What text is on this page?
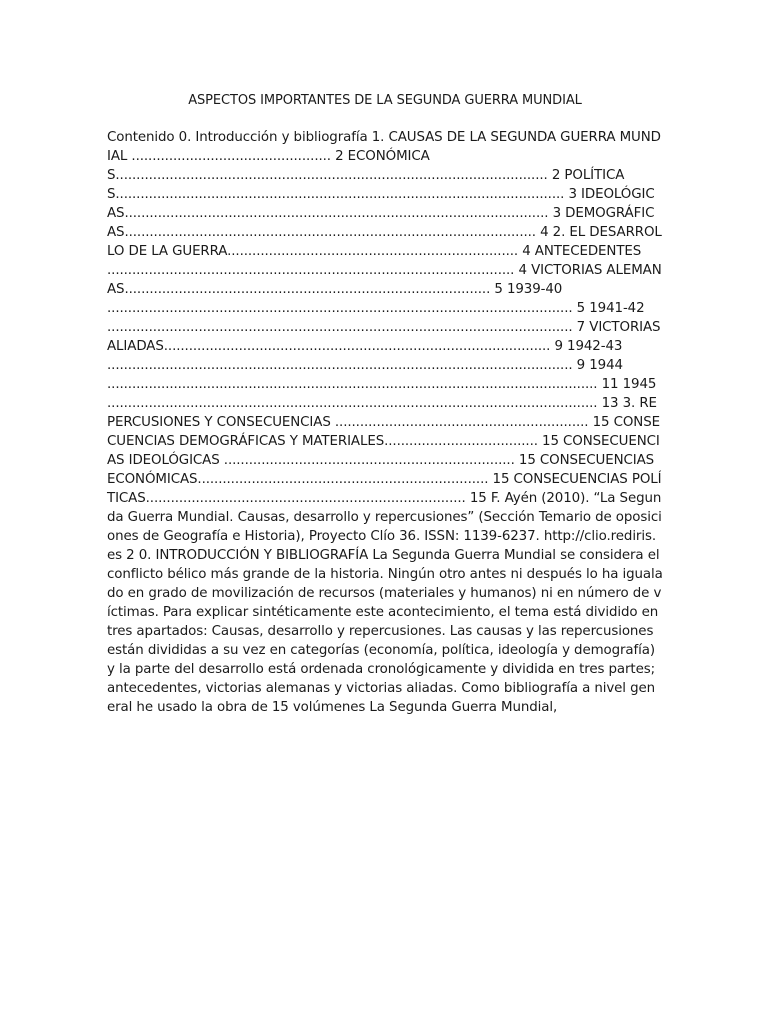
ASPECTOS IMPORTANTES DE LA SEGUNDA GUERRA MUNDIAL

Contenido 0. Introducción y bibliografía 1. CAUSAS DE LA SEGUNDA GUERRA MUNDIAL ................................................ 2 ECONÓMICAS........................................................................................................ 2 POLÍTICAS............................................................................................................ 3 IDEOLÓGICAS...................................................................................................... 3 DEMOGRÁFICAS................................................................................................... 4 2. EL DESARROLLO DE LA GUERRA...................................................................... 4 ANTECEDENTES .................................................................................................. 4 VICTORIAS ALEMANAS........................................................................................ 5 1939-40 ................................................................................................................ 5 1941-42 ................................................................................................................ 7 VICTORIAS ALIADAS............................................................................................. 9 1942-43 ................................................................................................................ 9 1944 ...................................................................................................................... 11 1945 ...................................................................................................................... 13 3. REPERCUSIONES Y CONSECUENCIAS ............................................................. 15 CONSECUENCIAS DEMOGRÁFICAS Y MATERIALES..................................... 15 CONSECUENCIAS IDEOLÓGICAS ...................................................................... 15 CONSECUENCIAS ECONÓMICAS...................................................................... 15 CONSECUENCIAS POLÍTICAS............................................................................. 15 F. Ayén (2010). “La Segunda Guerra Mundial. Causas, desarrollo y repercusiones” (Sección Temario de oposiciones de Geografía e Historia), Proyecto Clío 36. ISSN: 1139-6237. http://clio.rediris.es 2 0. INTRODUCCIÓN Y BIBLIOGRAFÍA La Segunda Guerra Mundial se considera el conflicto bélico más grande de la historia. Ningún otro antes ni después lo ha igualado en grado de movilización de recursos (materiales y humanos) ni en número de víctimas. Para explicar sintéticamente este acontecimiento, el tema está dividido en tres apartados: Causas, desarrollo y repercusiones. Las causas y las repercusiones están divididas a su vez en categorías (economía, política, ideología y demografía) y la parte del desarrollo está ordenada cronológicamente y dividida en tres partes; antecedentes, victorias alemanas y victorias aliadas. Como bibliografía a nivel general he usado la obra de 15 volúmenes La Segunda Guerra Mundial,
